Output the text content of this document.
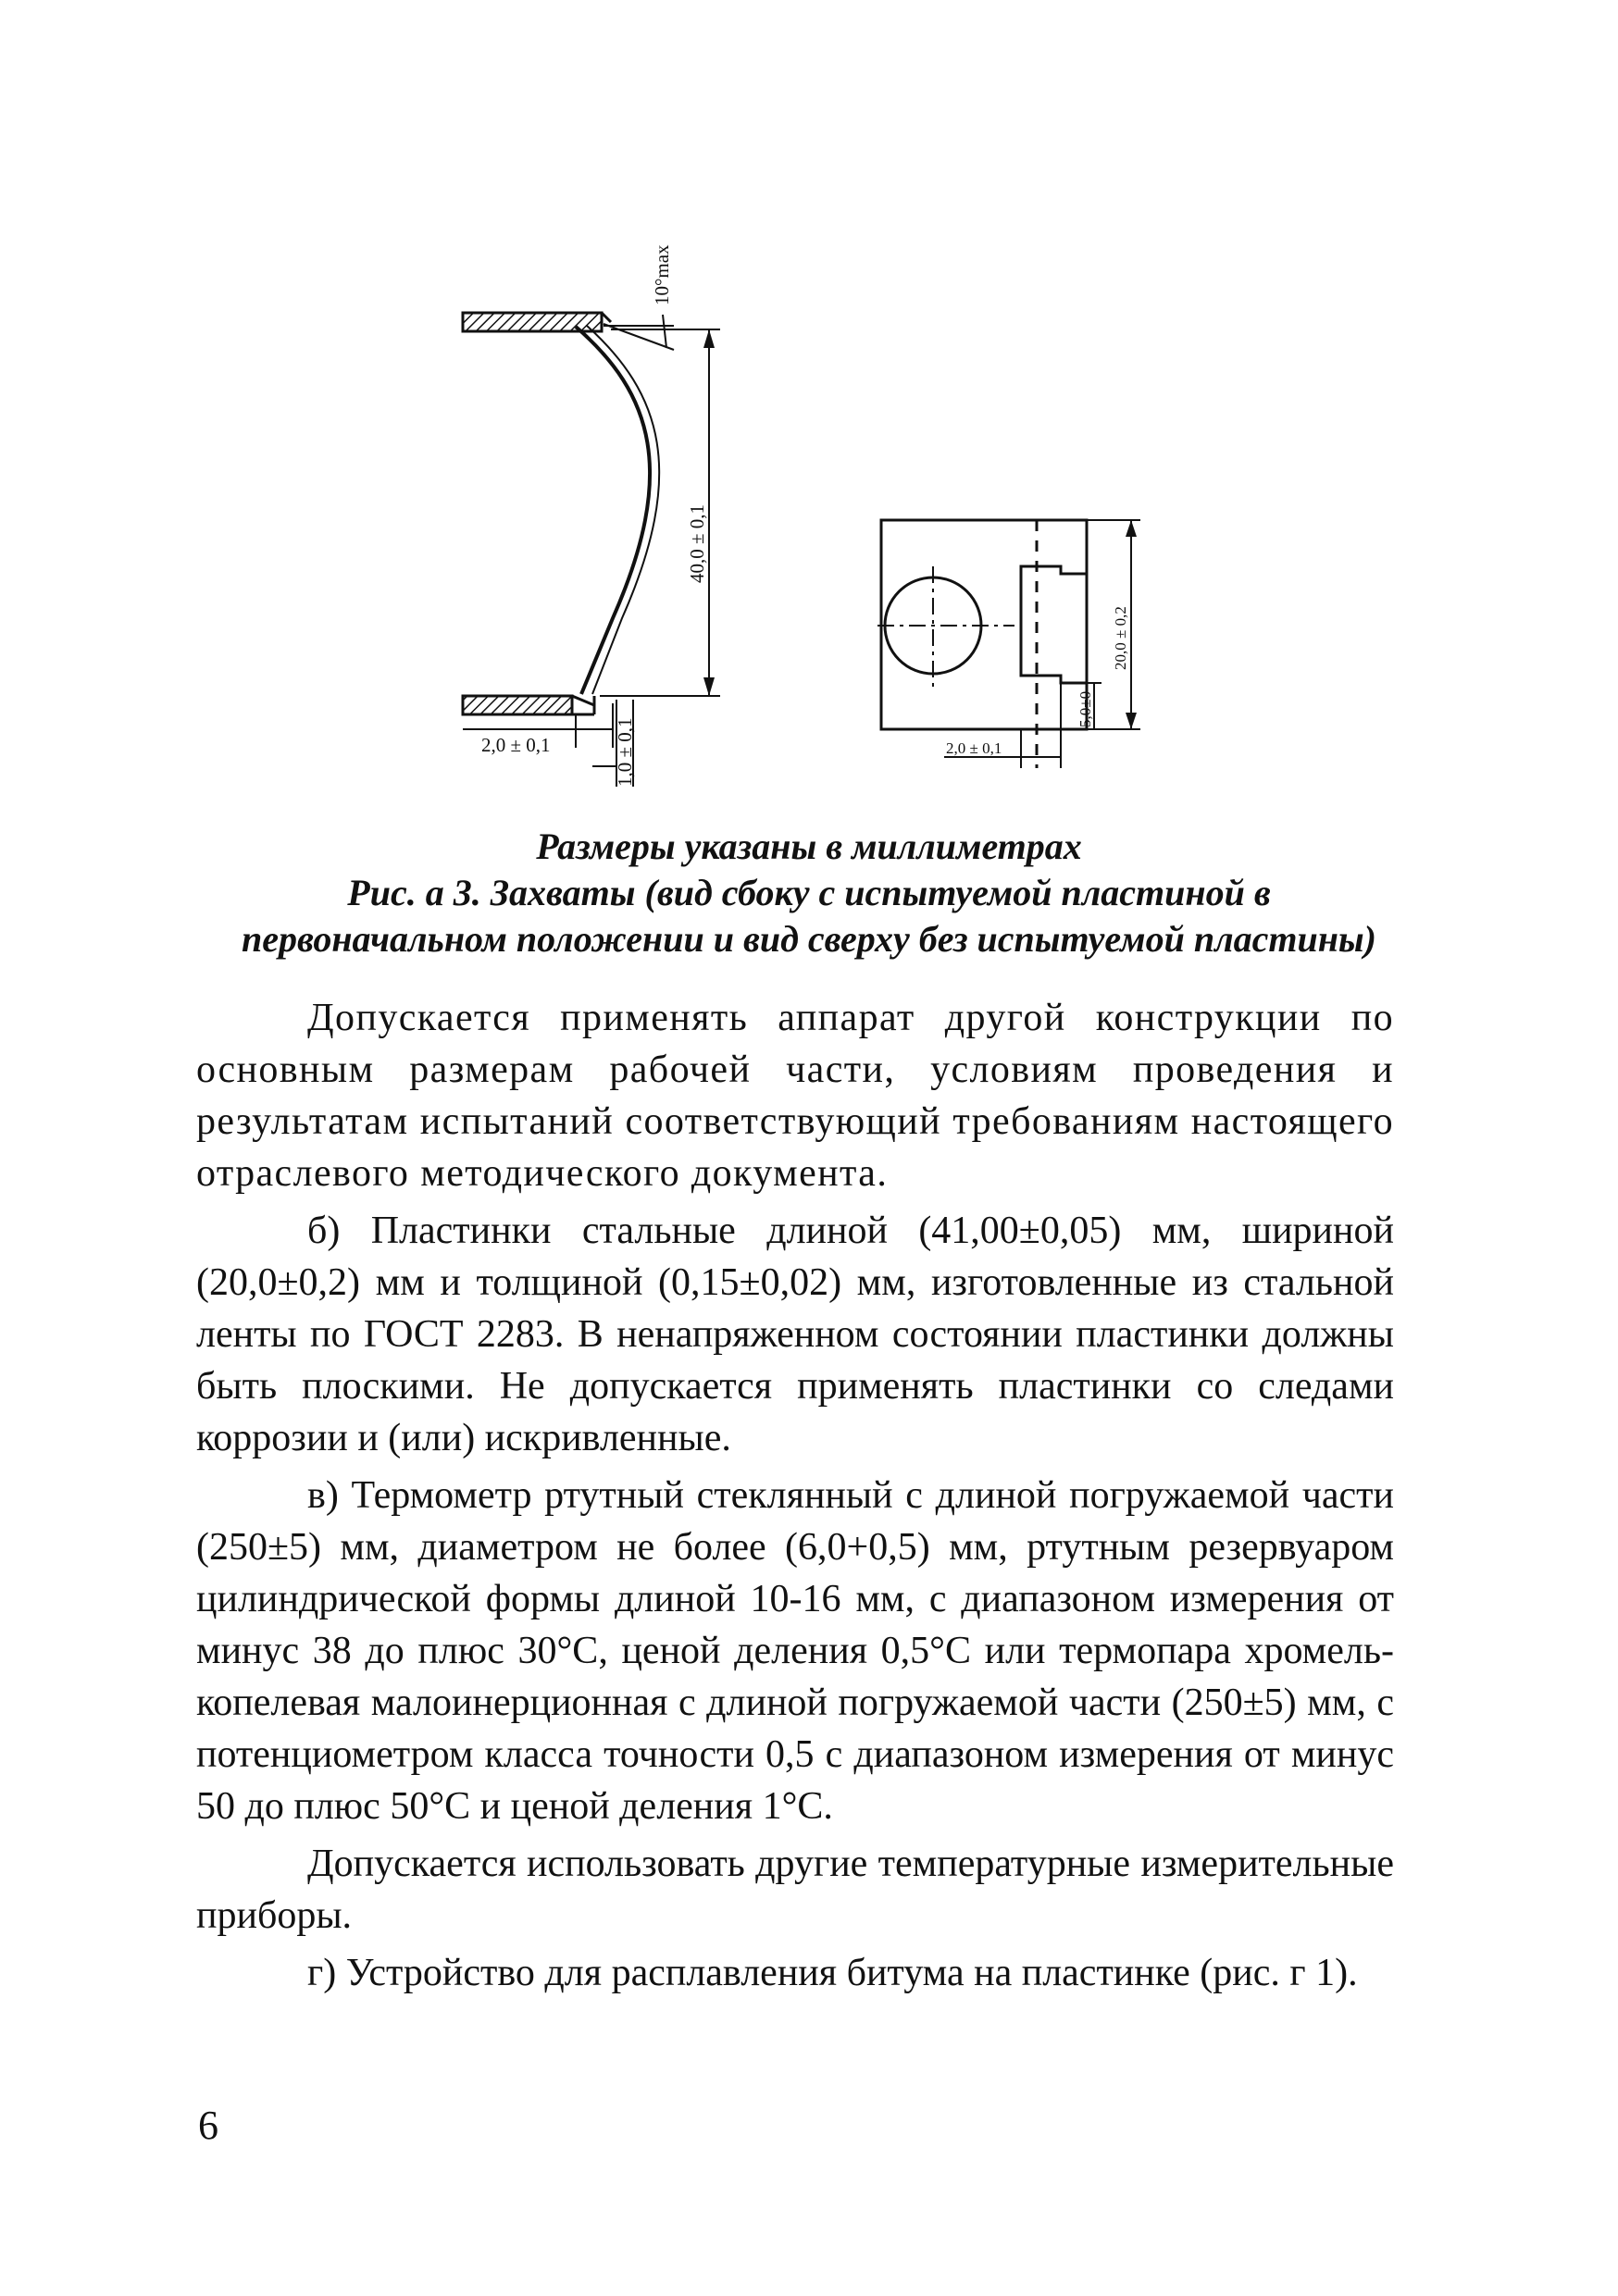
10°max
40,0 ± 0,1
2,0 ± 0,1	1,0 ± 0,1
20,0 ± 0,2
5,0±0
2,0 ± 0,1
Размеры указаны в миллиметрах
Рис. а 3. Захваты (вид сбоку с испытуемой пластиной в
первоначальном положении и вид сверху без испытуемой пластины)

Допускается применять аппарат другой конструкции по основным размерам рабочей части, условиям проведения и результатам испытаний соответствующий требованиям настоящего отраслевого методического документа.

б) Пластинки стальные длиной (41,00±0,05) мм, шириной (20,0±0,2) мм и толщиной (0,15±0,02) мм, изготовленные из стальной ленты по ГОСТ 2283. В ненапряженном состоянии пластинки должны быть плоскими. Не допускается применять пластинки со следами коррозии и (или) искривленные.

в) Термометр ртутный стеклянный с длиной погружаемой части (250±5) мм, диаметром не более (6,0+0,5) мм, ртутным резервуаром цилиндрической формы длиной 10-16 мм, с диапазоном измерения от минус 38 до плюс 30°С, ценой деления 0,5°С или термопара хромель-копелевая малоинерционная с длиной погружаемой части (250±5) мм, с потенциометром класса точности 0,5 с диапазоном измерения от минус 50 до плюс 50°С и ценой деления 1°С.

Допускается использовать другие температурные измерительные приборы.

г) Устройство для расплавления битума на пластинке (рис. г 1).

6
